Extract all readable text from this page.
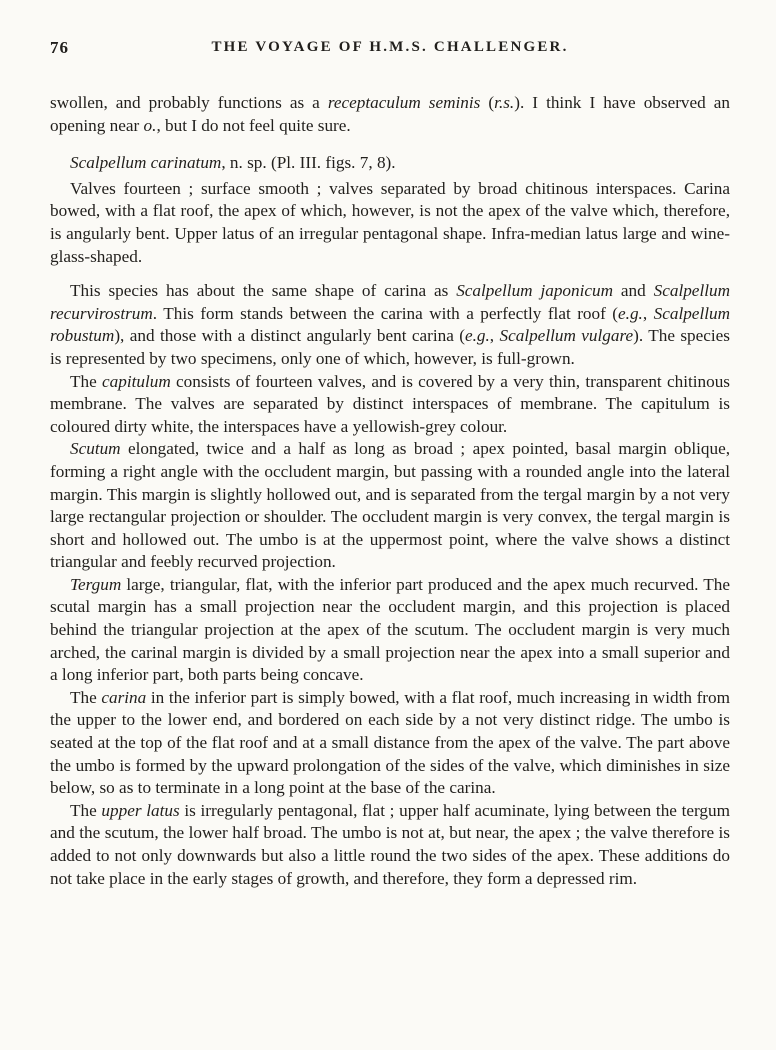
76	THE VOYAGE OF H.M.S. CHALLENGER.

swollen, and probably functions as a receptaculum seminis (r.s.). I think I have observed an opening near o., but I do not feel quite sure.

Scalpellum carinatum, n. sp. (Pl. III. figs. 7, 8).

Valves fourteen ; surface smooth ; valves separated by broad chitinous interspaces. Carina bowed, with a flat roof, the apex of which, however, is not the apex of the valve which, therefore, is angularly bent. Upper latus of an irregular pentagonal shape. Infra-median latus large and wine-glass-shaped.

This species has about the same shape of carina as Scalpellum japonicum and Scalpellum recurvirostrum. This form stands between the carina with a perfectly flat roof (e.g., Scalpellum robustum), and those with a distinct angularly bent carina (e.g., Scalpellum vulgare). The species is represented by two specimens, only one of which, however, is full-grown.

The capitulum consists of fourteen valves, and is covered by a very thin, transparent chitinous membrane. The valves are separated by distinct interspaces of membrane. The capitulum is coloured dirty white, the interspaces have a yellowish-grey colour.

Scutum elongated, twice and a half as long as broad ; apex pointed, basal margin oblique, forming a right angle with the occludent margin, but passing with a rounded angle into the lateral margin. This margin is slightly hollowed out, and is separated from the tergal margin by a not very large rectangular projection or shoulder. The occludent margin is very convex, the tergal margin is short and hollowed out. The umbo is at the uppermost point, where the valve shows a distinct triangular and feebly recurved projection.

Tergum large, triangular, flat, with the inferior part produced and the apex much recurved. The scutal margin has a small projection near the occludent margin, and this projection is placed behind the triangular projection at the apex of the scutum. The occludent margin is very much arched, the carinal margin is divided by a small projection near the apex into a small superior and a long inferior part, both parts being concave.

The carina in the inferior part is simply bowed, with a flat roof, much increasing in width from the upper to the lower end, and bordered on each side by a not very distinct ridge. The umbo is seated at the top of the flat roof and at a small distance from the apex of the valve. The part above the umbo is formed by the upward prolongation of the sides of the valve, which diminishes in size below, so as to terminate in a long point at the base of the carina.

The upper latus is irregularly pentagonal, flat ; upper half acuminate, lying between the tergum and the scutum, the lower half broad. The umbo is not at, but near, the apex ; the valve therefore is added to not only downwards but also a little round the two sides of the apex. These additions do not take place in the early stages of growth, and therefore, they form a depressed rim.
